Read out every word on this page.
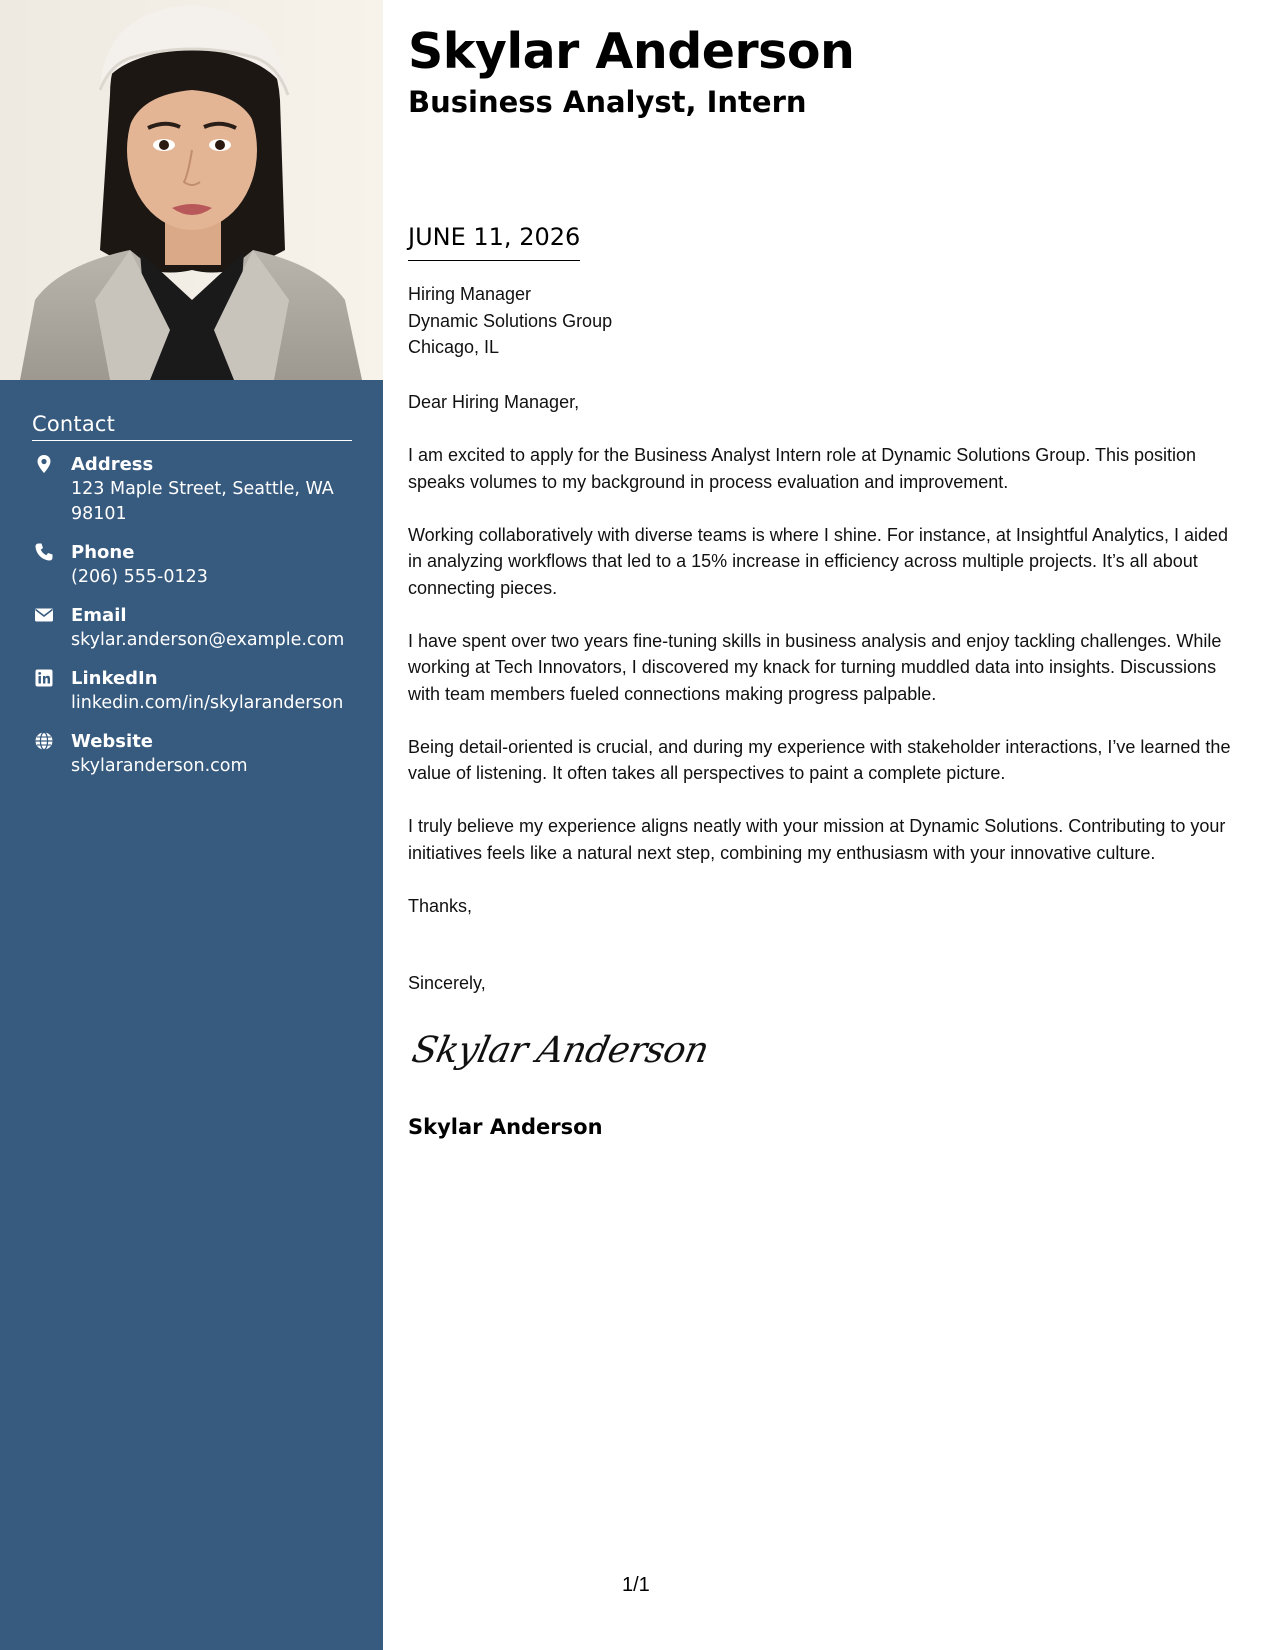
Contact
Address
123 Maple Street, Seattle, WA 98101
Phone
(206) 555-0123
Email
skylar.anderson@example.com
LinkedIn
linkedin.com/in/skylaranderson
Website
skylaranderson.com
Skylar Anderson
Business Analyst, Intern
JUNE 11, 2026
Hiring Manager
Dynamic Solutions Group
Chicago, IL

Dear Hiring Manager,

I am excited to apply for the Business Analyst Intern role at Dynamic Solutions Group. This position speaks volumes to my background in process evaluation and improvement.

Working collaboratively with diverse teams is where I shine. For instance, at Insightful Analytics, I aided in analyzing workflows that led to a 15% increase in efficiency across multiple projects. It’s all about connecting pieces.

I have spent over two years fine-tuning skills in business analysis and enjoy tackling challenges. While working at Tech Innovators, I discovered my knack for turning muddled data into insights. Discussions with team members fueled connections making progress palpable.

Being detail-oriented is crucial, and during my experience with stakeholder interactions, I’ve learned the value of listening. It often takes all perspectives to paint a complete picture.

I truly believe my experience aligns neatly with your mission at Dynamic Solutions. Contributing to your initiatives feels like a natural next step, combining my enthusiasm with your innovative culture.

Thanks,

Sincerely,
Skylar Anderson
Skylar Anderson
1/1
